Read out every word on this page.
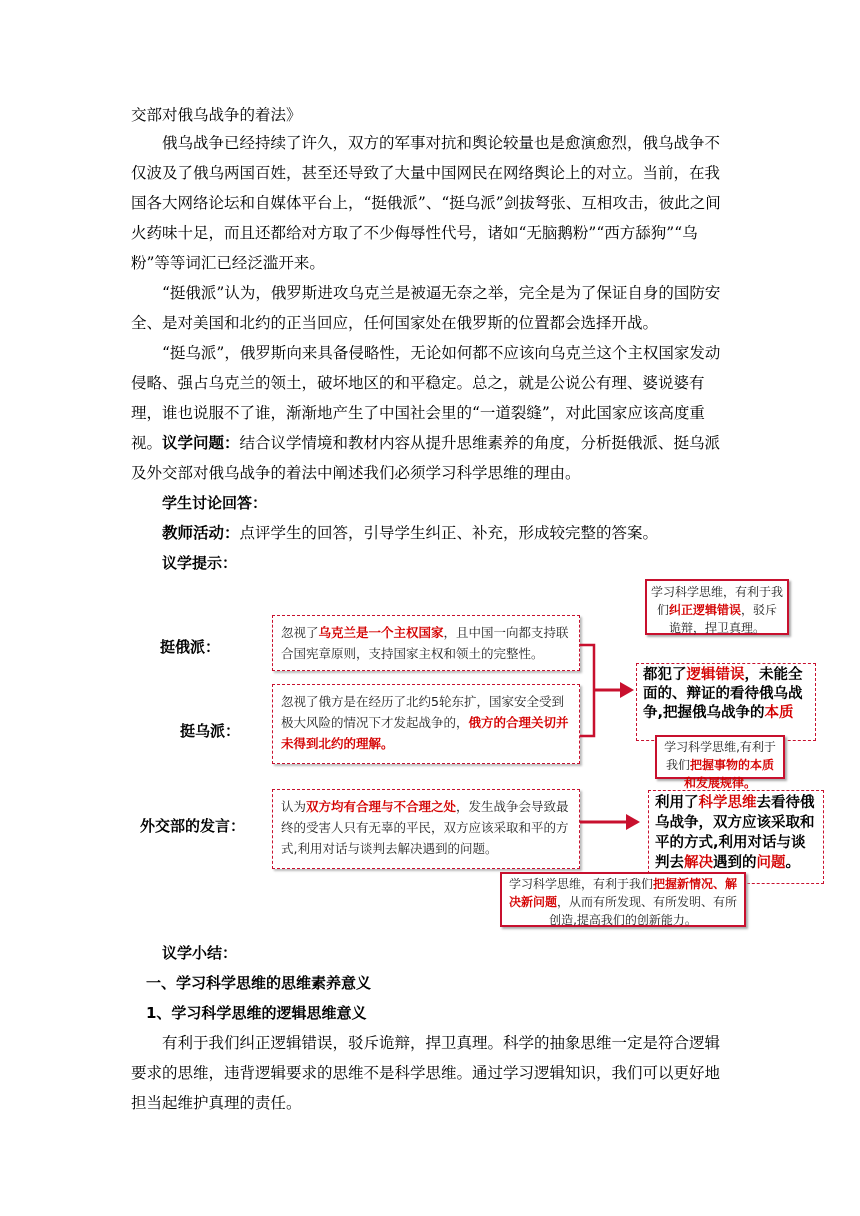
交部对俄乌战争的着法》

俄乌战争已经持续了许久，双方的军事对抗和舆论较量也是愈演愈烈，俄乌战争不仅波及了俄乌两国百姓，甚至还导致了大量中国网民在网络舆论上的对立。当前，在我国各大网络论坛和自媒体平台上，“挺俄派”、“挺乌派”剑拔弩张、互相攻击，彼此之间火药味十足，而且还都给对方取了不少侮辱性代号，诸如“无脑鹅粉”“西方舔狗”“乌粉”等等词汇已经泛滥开来。

“挺俄派”认为，俄罗斯进攻乌克兰是被逼无奈之举，完全是为了保证自身的国防安全、是对美国和北约的正当回应，任何国家处在俄罗斯的位置都会选择开战。

“挺乌派”，俄罗斯向来具备侵略性，无论如何都不应该向乌克兰这个主权国家发动侵略、强占乌克兰的领土，破坏地区的和平稳定。总之，就是公说公有理、婆说婆有理，谁也说服不了谁，渐渐地产生了中国社会里的“一道裂缝”，对此国家应该高度重视。 议学问题：结合议学情境和教材内容从提升思维素养的角度，分析挺俄派、挺乌派及外交部对俄乌战争的着法中阐述我们必须学习科学思维的理由。

学生讨论回答：

教师活动：点评学生的回答，引导学生纠正、补充，形成较完整的答案。

议学提示：

挺俄派：
挺乌派：
外交部的发言：
忽视了乌克兰是一个主权国家，且中国一向都支持联合国宪章原则，支持国家主权和领土的完整性。
忽视了俄方是在经历了北约5轮东扩，国家安全受到极大风险的情况下才发起战争的，俄方的合理关切并未得到北约的理解。
认为双方均有合理与不合理之处，发生战争会导致最终的受害人只有无辜的平民，双方应该采取和平的方式,利用对话与谈判去解决遇到的问题。
学习科学思维，有利于我们纠正逻辑错误，驳斥诡辩，捍卫真理。
都犯了逻辑错误，未能全面的、辩证的看待俄乌战争,把握俄乌战争的本质
学习科学思维,有利于我们把握事物的本质和发展规律。
利用了科学思维去看待俄乌战争，双方应该采取和平的方式,利用对话与谈判去解决遇到的问题。
学习科学思维，有利于我们把握新情况、解决新问题，从而有所发现、有所发明、有所创造,提高我们的创新能力。

议学小结：

一、学习科学思维的思维素养意义

1、学习科学思维的逻辑思维意义

有利于我们纠正逻辑错误，驳斥诡辩，捍卫真理。科学的抽象思维一定是符合逻辑要求的思维，违背逻辑要求的思维不是科学思维。通过学习逻辑知识，我们可以更好地担当起维护真理的责任。
